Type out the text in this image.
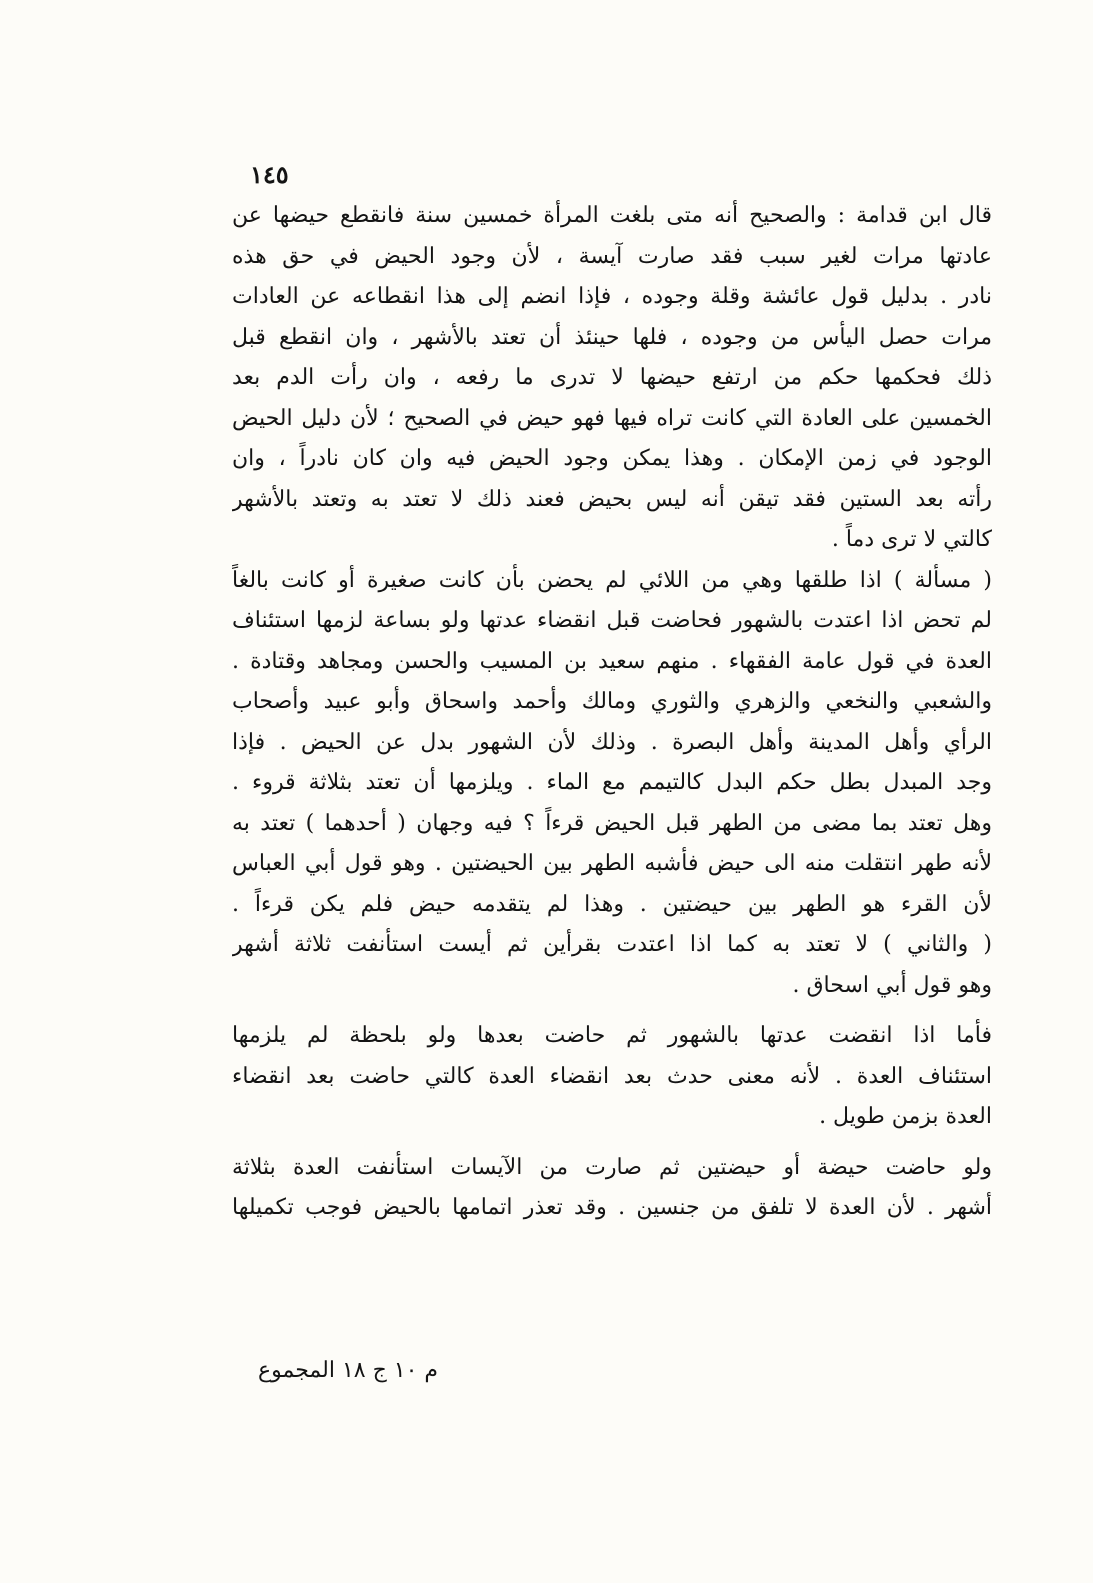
١٤٥
قال ابن قدامة : والصحيح أنه متى بلغت المرأة خمسين سنة فانقطع حيضها عن
عادتها مرات لغير سبب فقد صارت آيسة ، لأن وجود الحيض في حق هذه
نادر . بدليل قول عائشة وقلة وجوده ، فإذا انضم إلى هذا انقطاعه عن العادات
مرات حصل اليأس من وجوده ، فلها حينئذ أن تعتد بالأشهر ، وان انقطع قبل
ذلك فحكمها حكم من ارتفع حيضها لا تدرى ما رفعه ، وان رأت الدم بعد
الخمسين على العادة التي كانت تراه فيها فهو حيض في الصحيح ؛ لأن دليل الحيض
الوجود في زمن الإمكان . وهذا يمكن وجود الحيض فيه وان كان نادراً ، وان
رأته بعد الستين فقد تيقن أنه ليس بحيض فعند ذلك لا تعتد به وتعتد بالأشهر
كالتي لا ترى دماً .
( مسألة ) اذا طلقها وهي من اللائي لم يحضن بأن كانت صغيرة أو كانت بالغاً
لم تحض اذا اعتدت بالشهور فحاضت قبل انقضاء عدتها ولو بساعة لزمها استئناف
العدة في قول عامة الفقهاء . منهم سعيد بن المسيب والحسن ومجاهد وقتادة .
والشعبي والنخعي والزهري والثوري ومالك وأحمد واسحاق وأبو عبيد وأصحاب
الرأي وأهل المدينة وأهل البصرة . وذلك لأن الشهور بدل عن الحيض . فإذا
وجد المبدل بطل حكم البدل كالتيمم مع الماء . ويلزمها أن تعتد بثلاثة قروء .
وهل تعتد بما مضى من الطهر قبل الحيض قرءاً ؟ فيه وجهان ( أحدهما ) تعتد به
لأنه طهر انتقلت منه الى حيض فأشبه الطهر بين الحيضتين . وهو قول أبي العباس
لأن القرء هو الطهر بين حيضتين . وهذا لم يتقدمه حيض فلم يكن قرءاً .
( والثاني ) لا تعتد به كما اذا اعتدت بقرأين ثم أيست استأنفت ثلاثة أشهر
وهو قول أبي اسحاق .
فأما اذا انقضت عدتها بالشهور ثم حاضت بعدها ولو بلحظة لم يلزمها
استئناف العدة . لأنه معنى حدث بعد انقضاء العدة كالتي حاضت بعد انقضاء
العدة بزمن طويل .
ولو حاضت حيضة أو حيضتين ثم صارت من الآيسات استأنفت العدة بثلاثة
أشهر . لأن العدة لا تلفق من جنسين . وقد تعذر اتمامها بالحيض فوجب تكميلها
م ١٠ ج ١٨ المجموع
